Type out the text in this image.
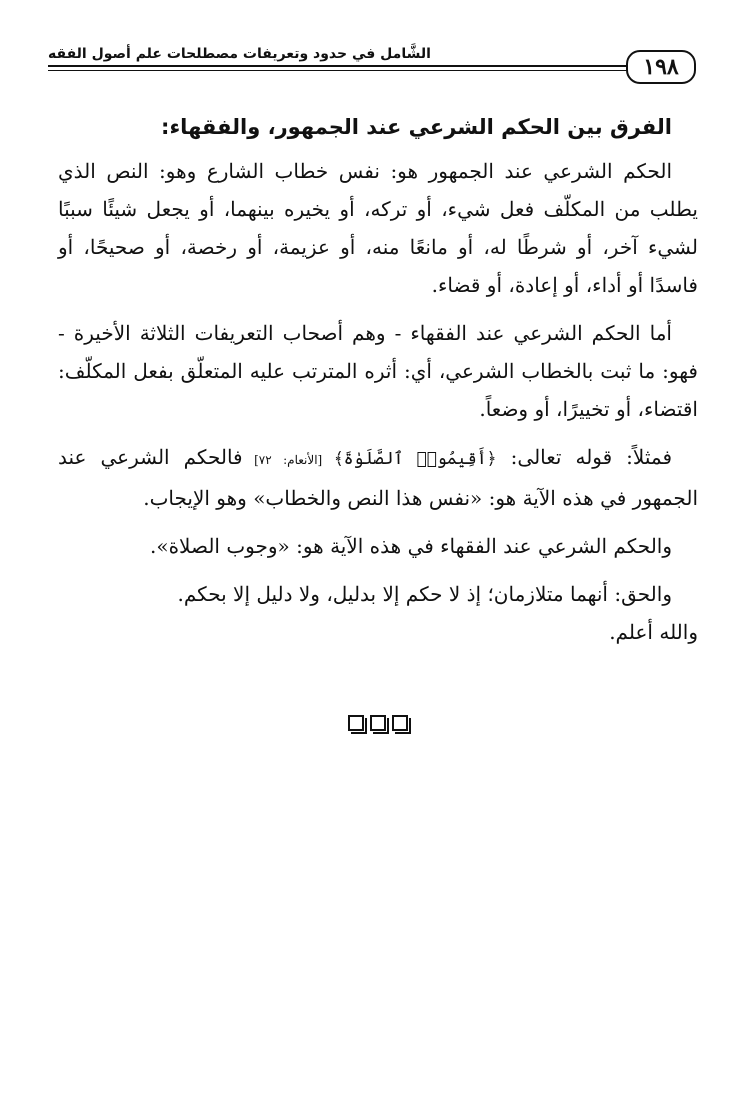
١٩٨
الشَّامل في حدود وتعريفات مصطلحات علم أصول الفقه
الفرق بين الحكم الشرعي عند الجمهور، والفقهاء:

الحكم الشرعي عند الجمهور هو: نفس خطاب الشارع وهو: النص الذي يطلب من المكلّف فعل شيء، أو تركه، أو يخيره بينهما، أو يجعل شيئًا سببًا لشيء آخر، أو شرطًا له، أو مانعًا منه، أو عزيمة، أو رخصة، أو صحيحًا، أو فاسدًا أو أداء، أو إعادة، أو قضاء.

أما الحكم الشرعي عند الفقهاء - وهم أصحاب التعريفات الثلاثة الأخيرة - فهو: ما ثبت بالخطاب الشرعي، أي: أثره المترتب عليه المتعلّق بفعل المكلّف: اقتضاء، أو تخييرًا، أو وضعاً.

فمثلاً: قوله تعالى: ﴿أَقِيمُوا۟ ٱلصَّلَوٰةَ﴾ [الأنعام: ٧٢] فالحكم الشرعي عند الجمهور في هذه الآية هو: «نفس هذا النص والخطاب» وهو الإيجاب.

والحكم الشرعي عند الفقهاء في هذه الآية هو: «وجوب الصلاة».

والحق: أنهما متلازمان؛ إذ لا حكم إلا بدليل، ولا دليل إلا بحكم.

والله أعلم.
